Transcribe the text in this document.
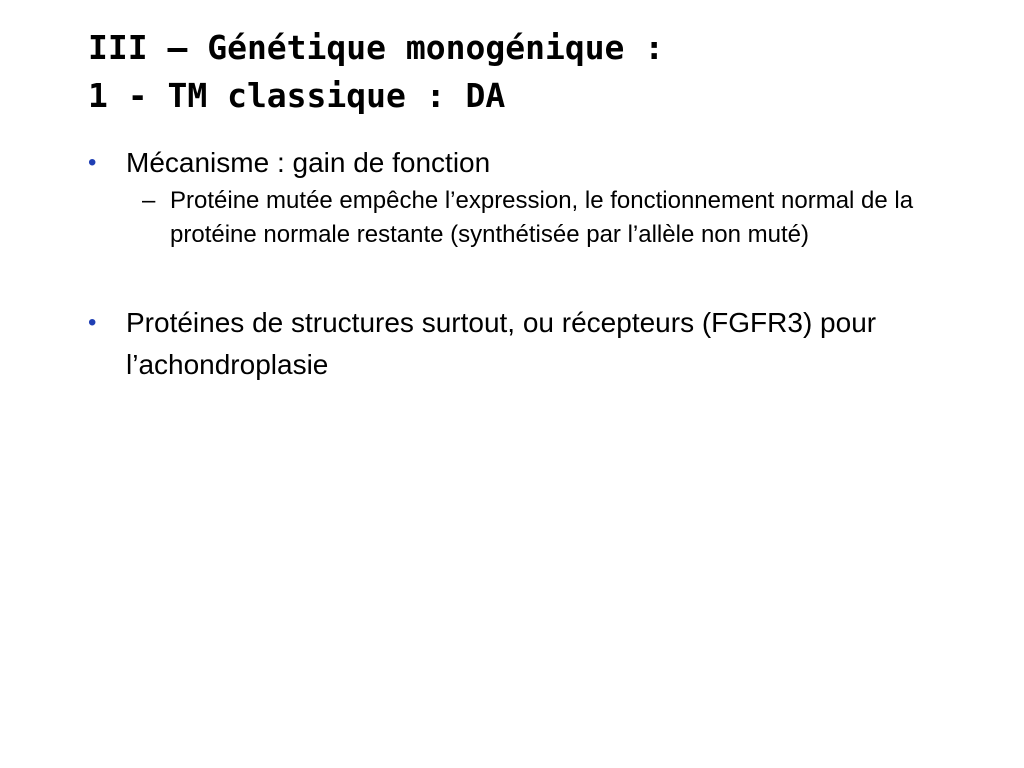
III – Génétique monogénique :
1 - TM classique : DA
•	Mécanisme : gain de fonction
– Protéine mutée empêche l’expression, le fonctionnement normal de la protéine normale restante (synthétisée par l’allèle non muté)
•	Protéines de structures surtout, ou récepteurs (FGFR3) pour l’achondroplasie
